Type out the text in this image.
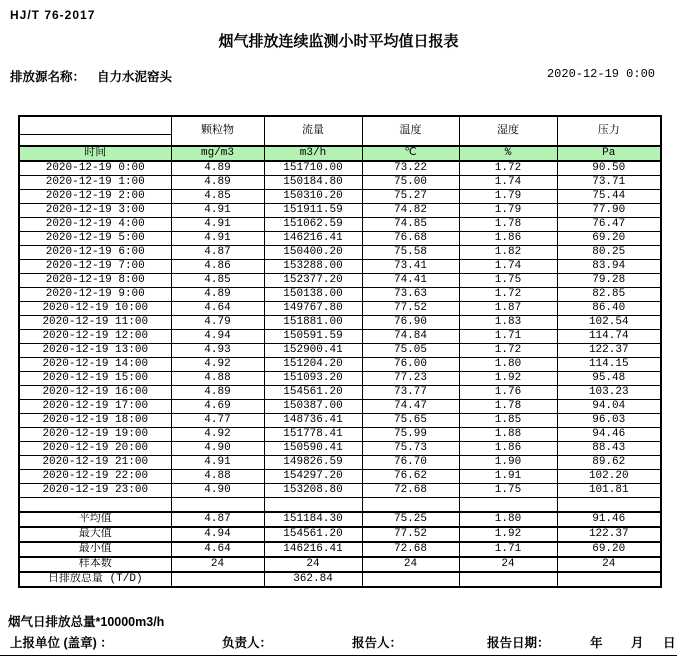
HJ/T 76-2017
烟气排放连续监测小时平均值日报表
排放源名称： 自力水泥窑头	2020-12-19 0:00
	颗粒物	流量	温度	湿度	压力

时间	mg/m3	m3/h	℃	%	Pa
2020-12-19 0:00	4.89	151710.00	73.22	1.72	90.50
2020-12-19 1:00	4.89	150184.80	75.00	1.74	73.71
2020-12-19 2:00	4.85	150310.20	75.27	1.79	75.44
2020-12-19 3:00	4.91	151911.59	74.82	1.79	77.90
2020-12-19 4:00	4.91	151062.59	74.85	1.78	76.47
2020-12-19 5:00	4.91	146216.41	76.68	1.86	69.20
2020-12-19 6:00	4.87	150400.20	75.58	1.82	80.25
2020-12-19 7:00	4.86	153288.00	73.41	1.74	83.94
2020-12-19 8:00	4.85	152377.20	74.41	1.75	79.28
2020-12-19 9:00	4.89	150138.00	73.63	1.72	82.85
2020-12-19 10:00	4.64	149767.80	77.52	1.87	86.40
2020-12-19 11:00	4.79	151881.00	76.90	1.83	102.54
2020-12-19 12:00	4.94	150591.59	74.84	1.71	114.74
2020-12-19 13:00	4.93	152900.41	75.05	1.72	122.37
2020-12-19 14:00	4.92	151204.20	76.00	1.80	114.15
2020-12-19 15:00	4.88	151093.20	77.23	1.92	95.48
2020-12-19 16:00	4.89	154561.20	73.77	1.76	103.23
2020-12-19 17:00	4.69	150387.00	74.47	1.78	94.04
2020-12-19 18:00	4.77	148736.41	75.65	1.85	96.03
2020-12-19 19:00	4.92	151778.41	75.99	1.88	94.46
2020-12-19 20:00	4.90	150590.41	75.73	1.86	88.43
2020-12-19 21:00	4.91	149826.59	76.70	1.90	89.62
2020-12-19 22:00	4.88	154297.20	76.62	1.91	102.20
2020-12-19 23:00	4.90	153208.80	72.68	1.75	101.81

平均值	4.87	151184.30	75.25	1.80	91.46
最大值	4.94	154561.20	77.52	1.92	122.37
最小值	4.64	146216.41	72.68	1.71	69.20
样本数	24	24	24	24	24
日排放总量 (T/D)		362.84			
烟气日排放总量*10000m3/h
上报单位 (盖章) ：	负责人：	报告人：	报告日期：	年 月 日
